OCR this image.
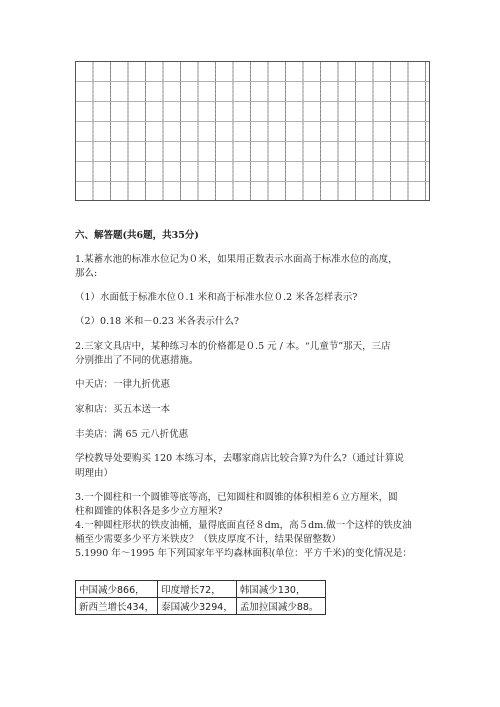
六、解答题(共6题，共35分)
1.某蓄水池的标准水位记为０米，如果用正数表示水面高于标准水位的高度，
那么:
（1）水面低于标准水位０.1 米和高于标准水位０.2 米各怎样表示?
（2）0.18 米和－0.23 米各表示什么?
2.三家文具店中，某种练习本的价格都是０.5 元 / 本。“儿童节”那天，三店
分别推出了不同的优惠措施。
中天店：一律九折优惠
家和店：买五本送一本
丰美店：满 65 元八折优惠
学校教导处要购买 120 本练习本，去哪家商店比较合算?为什么?（通过计算说
明理由）
3.一个圆柱和一个圆锥等底等高，已知圆柱和圆锥的体积相差６立方厘米，圆
柱和圆锥的体积各是多少立方厘米?
4.一种圆柱形状的铁皮油桶，量得底面直径８dm，高５dm.做一个这样的铁皮油
桶至少需要多少平方米铁皮？（铁皮厚度不计，结果保留整数）
5.1990 年～1995 年下列国家年平均森林面积(单位：平方千米)的变化情况是：
中国减少866，	印度增长72，	韩国减少130，
新西兰增长434，	泰国减少3294，	孟加拉国减少88。
